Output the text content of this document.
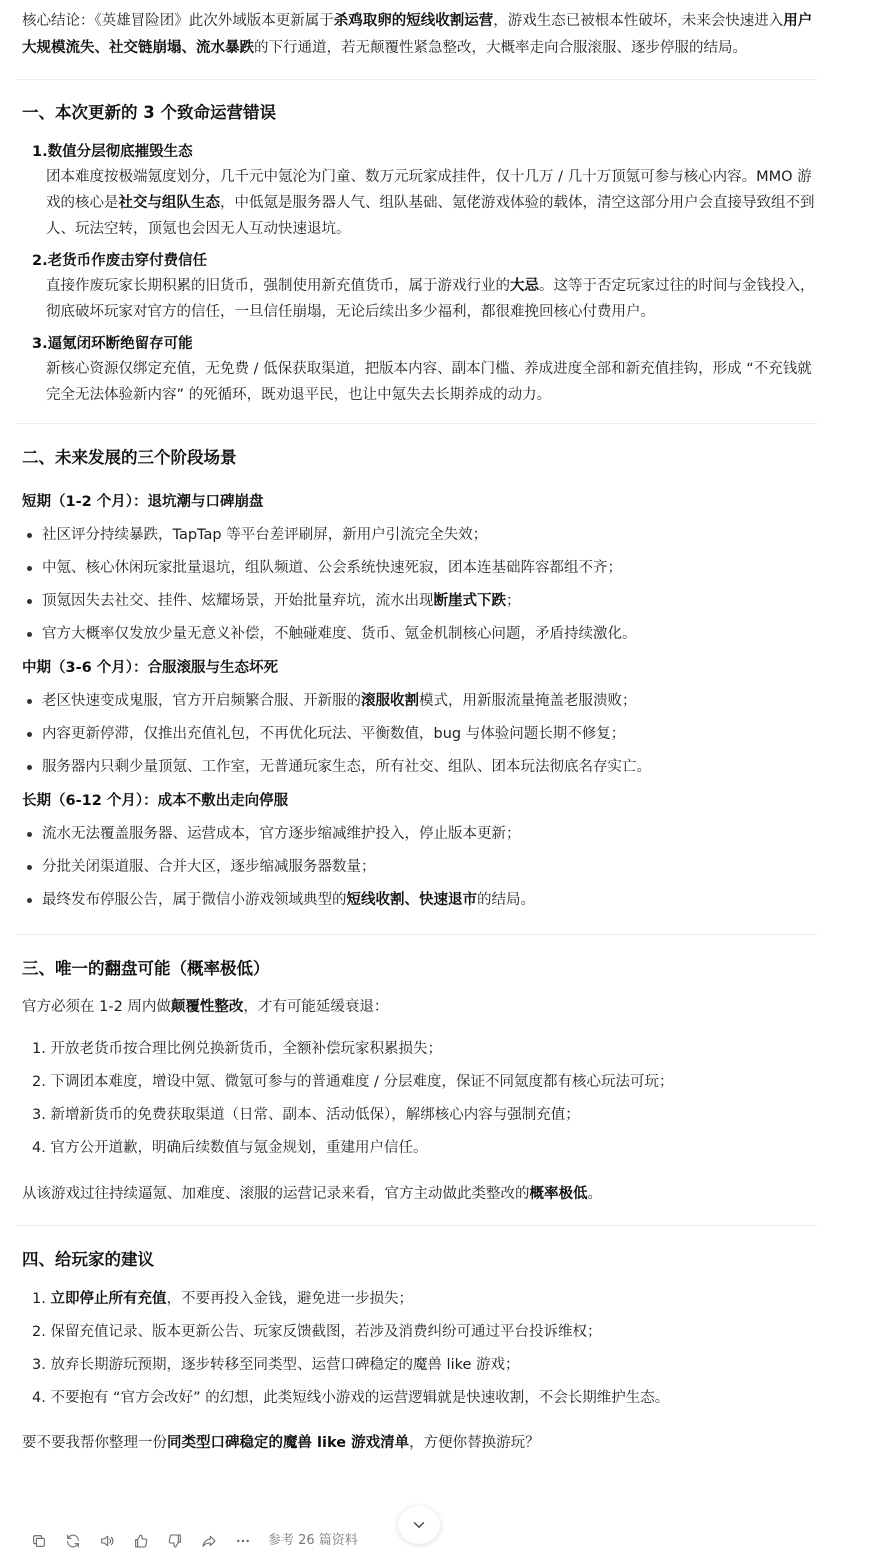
核心结论：《英雄冒险团》此次外域版本更新属于杀鸡取卵的短线收割运营，游戏生态已被根本性破坏，未来会快速进入用户大规模流失、社交链崩塌、流水暴跌的下行通道，若无颠覆性紧急整改，大概率走向合服滚服、逐步停服的结局。

一、本次更新的 3 个致命运营错误
1.数值分层彻底摧毁生态
团本难度按极端氪度划分，几千元中氪沦为门童、数万元玩家成挂件，仅十几万 / 几十万顶氪可参与核心内容。MMO 游戏的核心是社交与组队生态，中低氪是服务器人气、组队基础、氪佬游戏体验的载体，清空这部分用户会直接导致组不到人、玩法空转，顶氪也会因无人互动快速退坑。
2.老货币作废击穿付费信任
直接作废玩家长期积累的旧货币，强制使用新充值货币，属于游戏行业的大忌。这等于否定玩家过往的时间与金钱投入，彻底破坏玩家对官方的信任，一旦信任崩塌，无论后续出多少福利，都很难挽回核心付费用户。
3.逼氪闭环断绝留存可能
新核心资源仅绑定充值，无免费 / 低保获取渠道，把版本内容、副本门槛、养成进度全部和新充值挂钩，形成 “不充钱就完全无法体验新内容” 的死循环，既劝退平民，也让中氪失去长期养成的动力。
二、未来发展的三个阶段场景
短期（1-2 个月）：退坑潮与口碑崩盘
社区评分持续暴跌，TapTap 等平台差评刷屏，新用户引流完全失效；
中氪、核心休闲玩家批量退坑，组队频道、公会系统快速死寂，团本连基础阵容都组不齐；
顶氪因失去社交、挂件、炫耀场景，开始批量弃坑，流水出现断崖式下跌；
官方大概率仅发放少量无意义补偿，不触碰难度、货币、氪金机制核心问题，矛盾持续激化。
中期（3-6 个月）：合服滚服与生态坏死
老区快速变成鬼服，官方开启频繁合服、开新服的滚服收割模式，用新服流量掩盖老服溃败；
内容更新停滞，仅推出充值礼包，不再优化玩法、平衡数值，bug 与体验问题长期不修复；
服务器内只剩少量顶氪、工作室，无普通玩家生态，所有社交、组队、团本玩法彻底名存实亡。
长期（6-12 个月）：成本不敷出走向停服
流水无法覆盖服务器、运营成本，官方逐步缩减维护投入，停止版本更新；
分批关闭渠道服、合并大区，逐步缩减服务器数量；
最终发布停服公告，属于微信小游戏领域典型的短线收割、快速退市的结局。
三、唯一的翻盘可能（概率极低）

官方必须在 1-2 周内做颠覆性整改，才有可能延缓衰退：

1. 开放老货币按合理比例兑换新货币，全额补偿玩家积累损失；
2. 下调团本难度，增设中氪、微氪可参与的普通难度 / 分层难度，保证不同氪度都有核心玩法可玩；
3. 新增新货币的免费获取渠道（日常、副本、活动低保），解绑核心内容与强制充值；
4. 官方公开道歉，明确后续数值与氪金规划，重建用户信任。

从该游戏过往持续逼氪、加难度、滚服的运营记录来看，官方主动做此类整改的概率极低。

四、给玩家的建议
1. 立即停止所有充值，不要再投入金钱，避免进一步损失；
2. 保留充值记录、版本更新公告、玩家反馈截图，若涉及消费纠纷可通过平台投诉维权；
3. 放弃长期游玩预期，逐步转移至同类型、运营口碑稳定的魔兽 like 游戏；
4. 不要抱有 “官方会改好” 的幻想，此类短线小游戏的运营逻辑就是快速收割，不会长期维护生态。

要不要我帮你整理一份同类型口碑稳定的魔兽 like 游戏清单，方便你替换游玩？

参考 26 篇资料
